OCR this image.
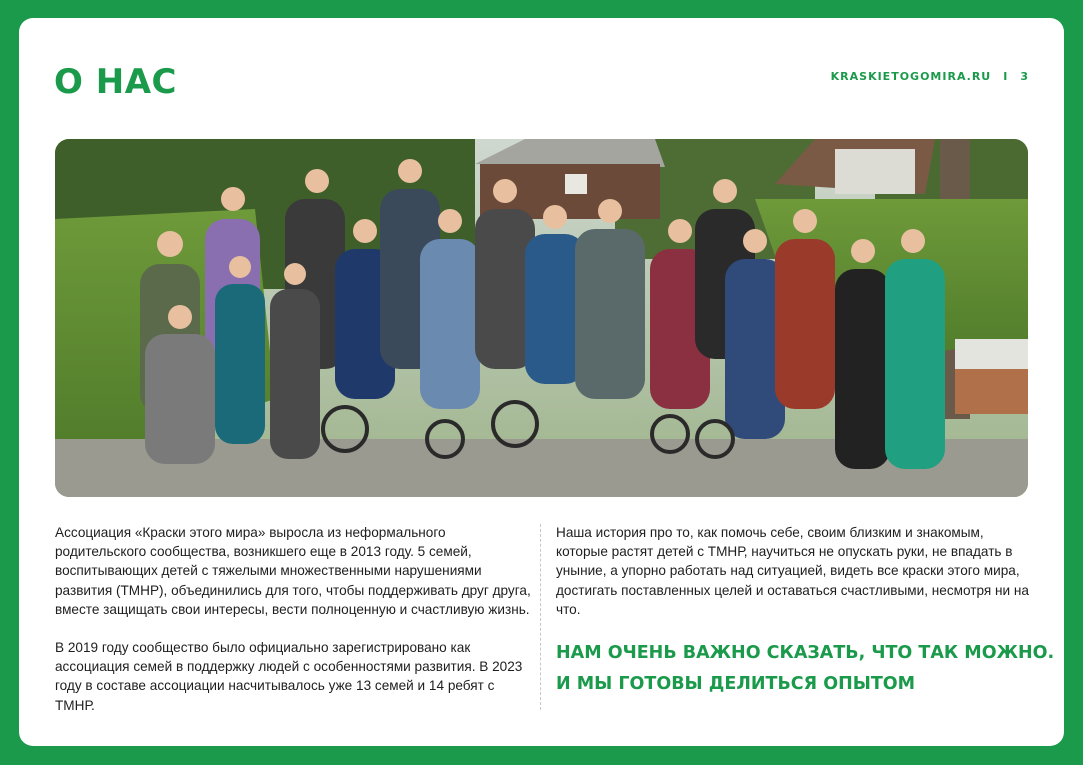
О НАС	KRASKIETOGOMIRA.RU I 3

Ассоциация «Краски этого мира» выросла из неформального родительского сообщества, возникшего еще в 2013 году. 5 семей, воспитывающих детей с тяжелыми множественными нарушениями развития (ТМНР), объединились для того, чтобы поддерживать друг друга, вместе защищать свои интересы, вести полноценную и счастливую жизнь.

В 2019 году сообщество было официально зарегистрировано как ассоциация семей в поддержку людей с особенностями развития. В 2023 году в составе ассоциации насчитывалось уже 13 семей и 14 ребят с ТМНР.

Наша история про то, как помочь себе, своим близким и знакомым, которые растят детей с ТМНР, научиться не опускать руки, не впадать в уныние, а упорно работать над ситуацией, видеть все краски этого мира, достигать поставленных целей и оставаться счастливыми, несмотря ни на что.

НАМ ОЧЕНЬ ВАЖНО СКАЗАТЬ, ЧТО ТАК МОЖНО.
И МЫ ГОТОВЫ ДЕЛИТЬСЯ ОПЫТОМ
